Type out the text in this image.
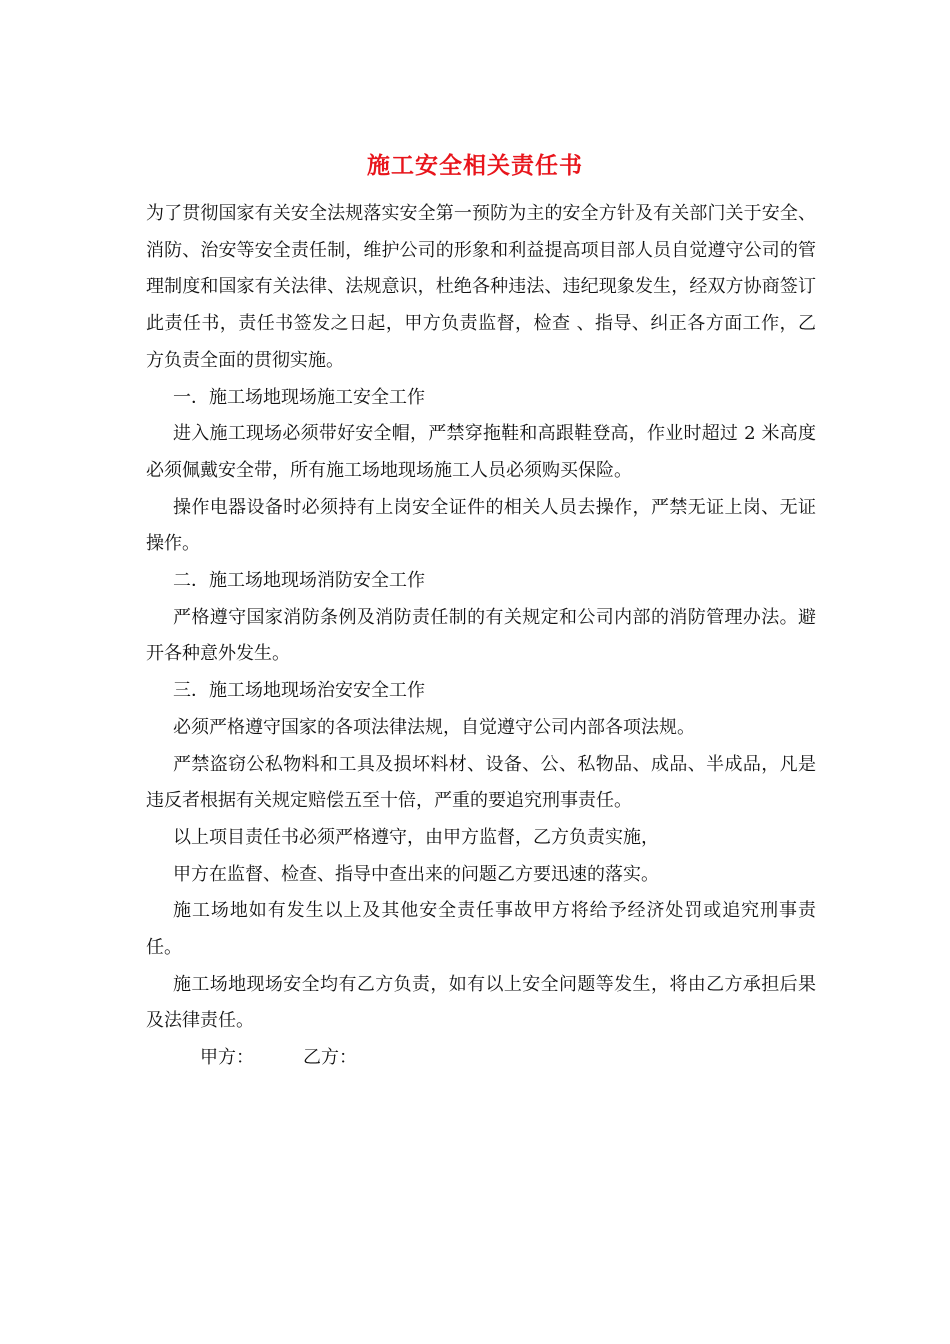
施工安全相关责任书

为了贯彻国家有关安全法规落实安全第一预防为主的安全方针及有关部门关于安全、消防、治安等安全责任制，维护公司的形象和利益提高项目部人员自觉遵守公司的管理制度和国家有关法律、法规意识，杜绝各种违法、违纪现象发生，经双方协商签订此责任书，责任书签发之日起，甲方负责监督，检查 、指导、纠正各方面工作，乙方负责全面的贯彻实施。

一．施工场地现场施工安全工作

进入施工现场必须带好安全帽，严禁穿拖鞋和高跟鞋登高，作业时超过 2 米高度必须佩戴安全带，所有施工场地现场施工人员必须购买保险。

操作电器设备时必须持有上岗安全证件的相关人员去操作，严禁无证上岗、无证操作。

二．施工场地现场消防安全工作

严格遵守国家消防条例及消防责任制的有关规定和公司内部的消防管理办法。避开各种意外发生。

三．施工场地现场治安安全工作

必须严格遵守国家的各项法律法规，自觉遵守公司内部各项法规。

严禁盗窃公私物料和工具及损坏料材、设备、公、私物品、成品、半成品，凡是违反者根据有关规定赔偿五至十倍，严重的要追究刑事责任。

以上项目责任书必须严格遵守，由甲方监督，乙方负责实施，

甲方在监督、检查、指导中查出来的问题乙方要迅速的落实。

施工场地如有发生以上及其他安全责任事故甲方将给予经济处罚或追究刑事责任。

施工场地现场安全均有乙方负责，如有以上安全问题等发生，将由乙方承担后果及法律责任。

甲方：	乙方：
